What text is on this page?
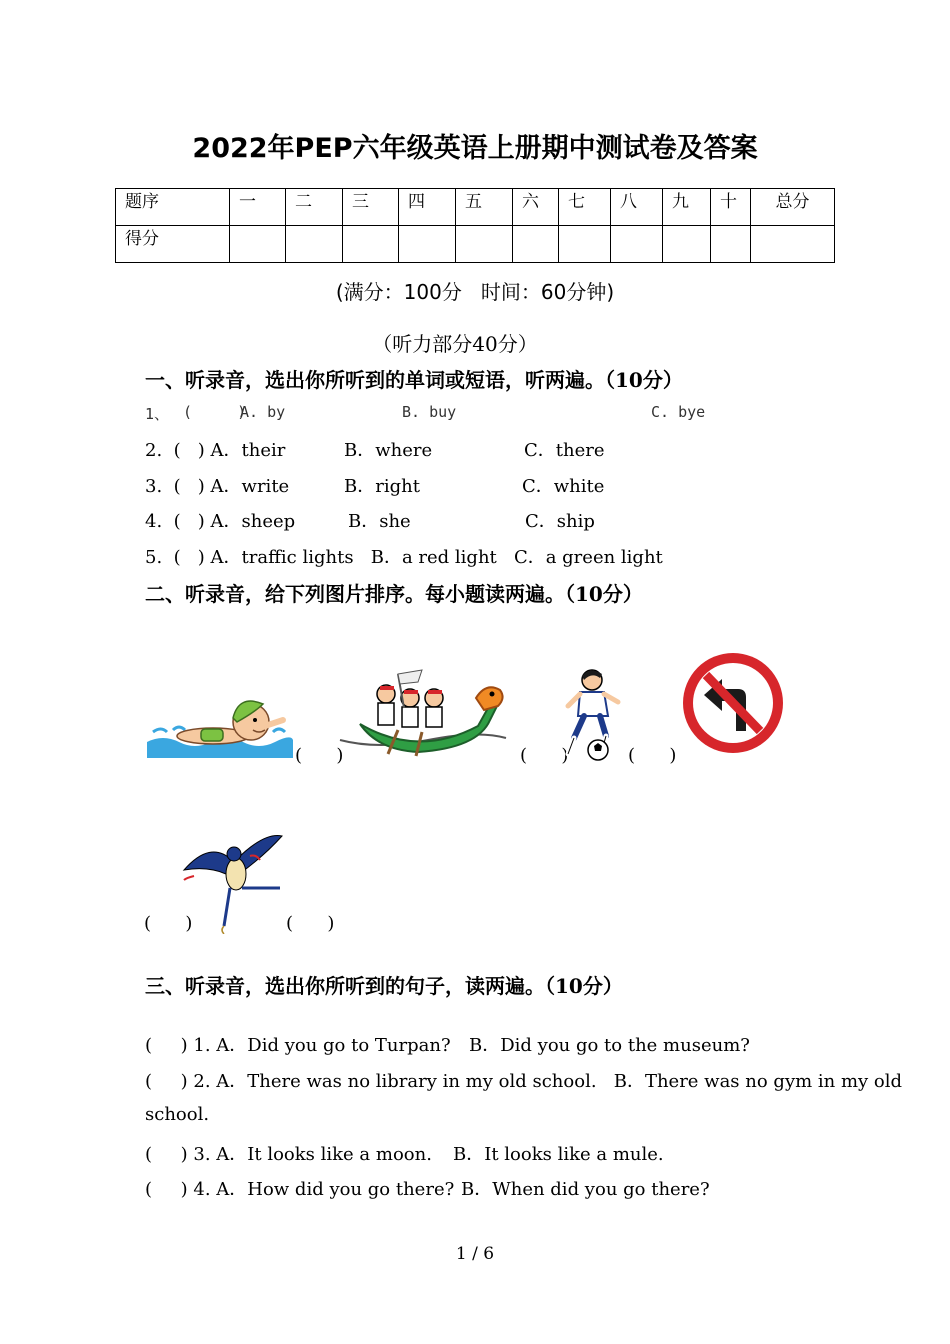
2022年PEP六年级英语上册期中测试卷及答案
题序	一	二	三	四	五	六	七	八	九	十	总分
得分											
(满分：100分   时间：60分钟)
（听力部分40分）
一、听录音，选出你所听到的单词或短语，听两遍。（10分）
1、 (     )
A. by	B. buy	C. bye
2.  (   ) A．their	B．where	C．there
3.  (   ) A．write	B．right	C．white
4.  (   ) A．sheep	B．she	C．ship
5.  (   ) A．traffic lights   B．a red light   C．a green light
二、听录音，给下列图片排序。每小题读两遍。（10分）
(      )	(      )	(      )
(      )	(      )
三、听录音，选出你所听到的句子，读两遍。（10分）
(     ) 1. A．Did you go to Turpan? B．Did you go to the museum?
(     ) 2. A．There was no library in my old school.   B．There was no gym in my old
school.
(     ) 3. A．It looks like a moon. B．It looks like a mule.
(     ) 4. A．How did you go there? B．When did you go there?
1 / 6
